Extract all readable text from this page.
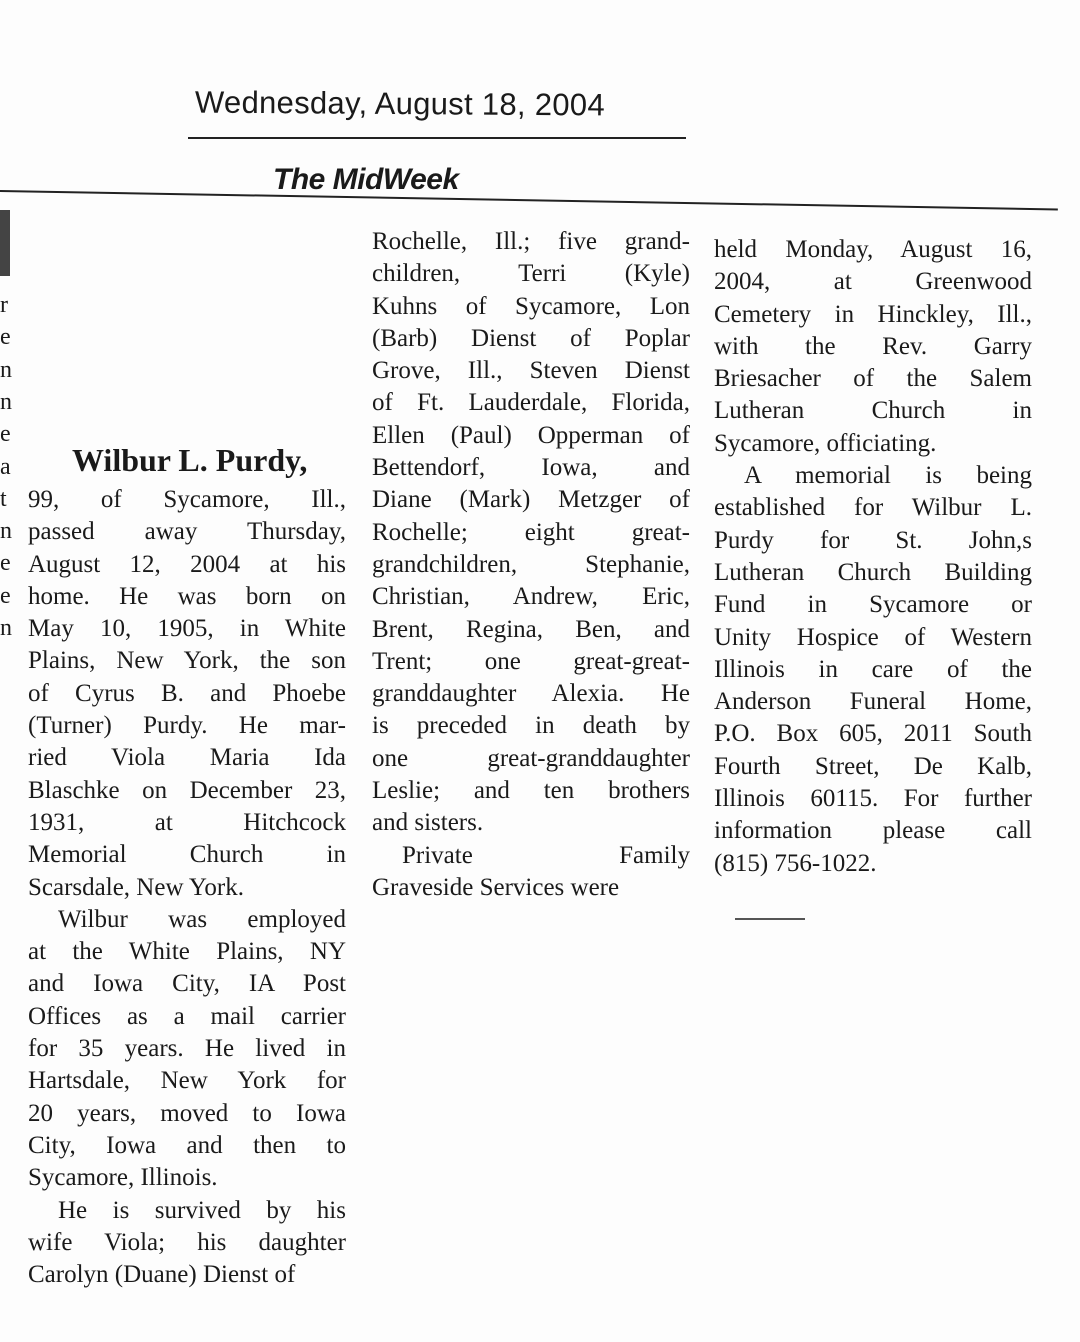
Wednesday, August 18, 2004
The MidWeek
r
e
n
n
e
a
t
n
e
e
n
Wilbur L. Purdy,
99, of Sycamore, Ill.,
passed away Thursday,
August 12, 2004 at his
home. He was born on
May 10, 1905, in White
Plains, New York, the son
of Cyrus B. and Phoebe
(Turner) Purdy. He mar-
ried Viola Maria Ida
Blaschke on December 23,
1931, at Hitchcock
Memorial Church in
Scarsdale, New York.
Wilbur was employed
at the White Plains, NY
and Iowa City, IA Post
Offices as a mail carrier
for 35 years. He lived in
Hartsdale, New York for
20 years, moved to Iowa
City, Iowa and then to
Sycamore, Illinois.
He is survived by his
wife Viola; his daughter
Carolyn (Duane) Dienst of
Rochelle, Ill.; five grand-
children, Terri (Kyle)
Kuhns of Sycamore, Lon
(Barb) Dienst of Poplar
Grove, Ill., Steven Dienst
of Ft. Lauderdale, Florida,
Ellen (Paul) Opperman of
Bettendorf, Iowa, and
Diane (Mark) Metzger of
Rochelle; eight great-
grandchildren, Stephanie,
Christian, Andrew, Eric,
Brent, Regina, Ben, and
Trent; one great-great-
granddaughter Alexia. He
is preceded in death by
one great-granddaughter
Leslie; and ten brothers
and sisters.
Private Family
Graveside Services were
held Monday, August 16,
2004, at Greenwood
Cemetery in Hinckley, Ill.,
with the Rev. Garry
Briesacher of the Salem
Lutheran Church in
Sycamore, officiating.
A memorial is being
established for Wilbur L.
Purdy for St. John,s
Lutheran Church Building
Fund in Sycamore or
Unity Hospice of Western
Illinois in care of the
Anderson Funeral Home,
P.O. Box 605, 2011 South
Fourth Street, De Kalb,
Illinois 60115. For further
information please call
(815) 756-1022.
